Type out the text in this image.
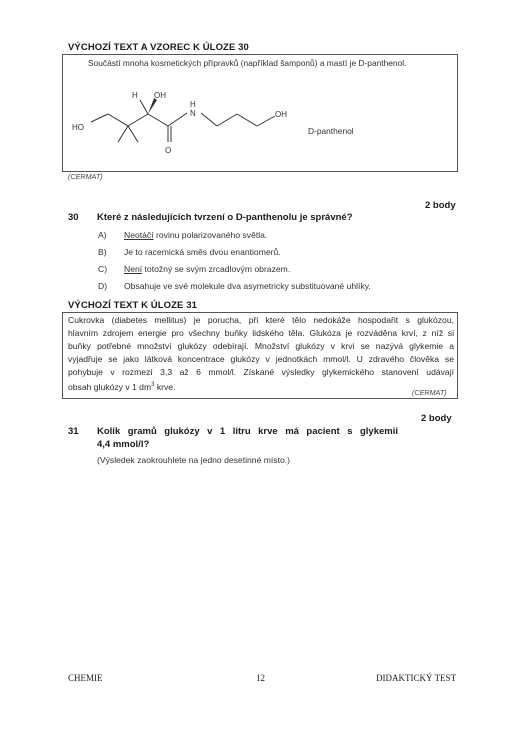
VÝCHOZÍ TEXT A VZOREC K ÚLOZE 30
Součástí mnoha kosmetických přípravků (například šamponů) a mastí je D-panthenol.
H OH
HO
N
H
OH
O
D-panthenol
(CERMAT)
2 body
30 Které z následujících tvrzení o D-panthenolu je správné?
A) Neotáčí rovinu polarizovaného světla.
B) Je to racemická směs dvou enantiomerů.
C) Není totožný se svým zrcadlovým obrazem.
D) Obsahuje ve své molekule dva asymetricky substituované uhlíky.
VÝCHOZÍ TEXT K ÚLOZE 31
Cukrovka (diabetes mellitus) je porucha, při které tělo nedokáže hospodařit s glukózou,
hlavním zdrojem energie pro všechny buňky lidského těla. Glukóza je rozváděna krví, z níž si
buňky potřebné množství glukózy odebírají. Množství glukózy v krvi se nazývá glykemie a
vyjadřuje se jako látková koncentrace glukózy v jednotkách mmol/l. U zdravého člověka se
pohybuje v rozmezí 3,3 až 6 mmol/l. Získané výsledky glykemického stanovení udávají
obsah glukózy v 1 $dm^3$ krve.
(CERMAT)
2 body
31 Kolik gramů glukózy v 1 litru krve má pacient s glykemii
4,4 mmol/l?
(Výsledek zaokrouhlete na jedno desetinné místo.)
CHEMIE	12	DIDAKTICKÝ TEST
